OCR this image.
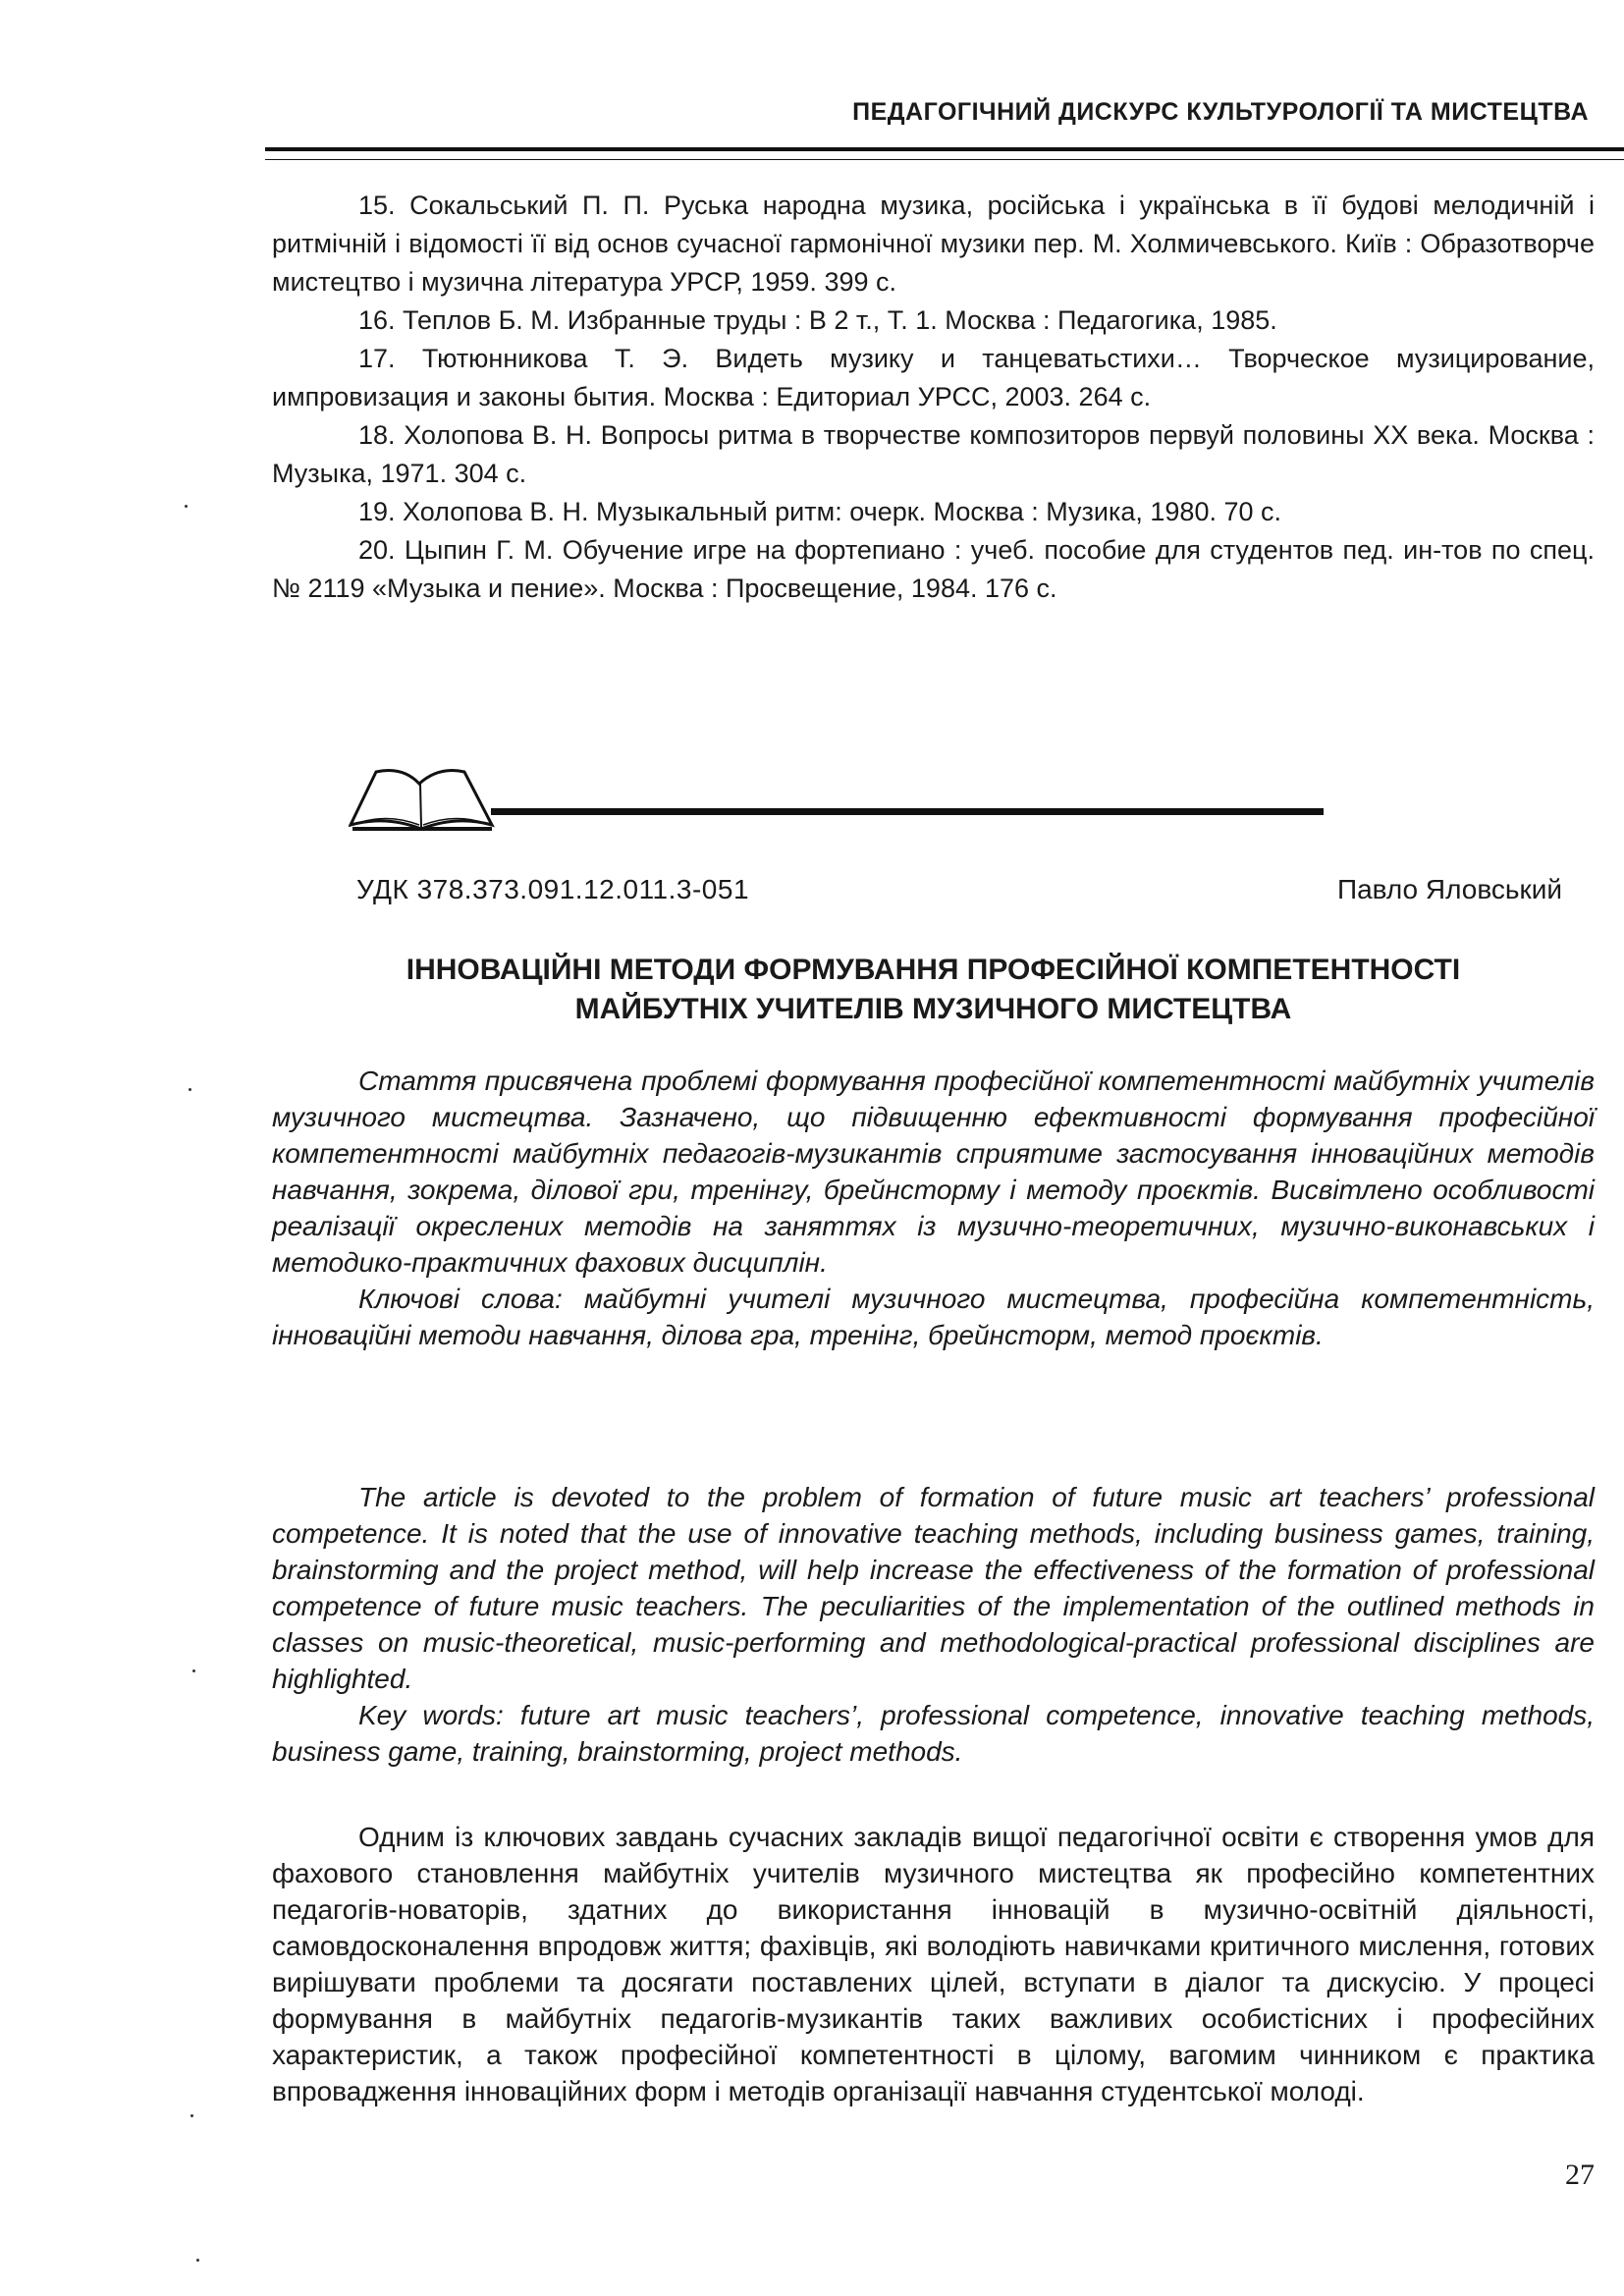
ПЕДАГОГІЧНИЙ ДИСКУРС КУЛЬТУРОЛОГІЇ ТА МИСТЕЦТВА

15. Сокальський П. П. Руська народна музика, російська і українська в її будові мелодичній і ритмічній і відомості її від основ сучасної гармонічної музики пер. М. Холмичевського. Київ : Образотворче мистецтво і музична література УРСР, 1959. 399 с.

16. Теплов Б. М. Избранные труды : В 2 т., Т. 1. Москва : Педагогика, 1985.

17. Тютюнникова Т. Э. Видеть музику и танцеватьстихи… Творческое музицирование, импровизация и законы бытия. Москва : Едиториал УРСС, 2003. 264 с.

18. Холопова В. Н. Вопросы ритма в творчестве композиторов первуй половины ХХ века. Москва : Музыка, 1971. 304 с.

19. Холопова В. Н. Музыкальный ритм: очерк. Москва : Музика, 1980. 70 с.

20. Цыпин Г. М. Обучение игре на фортепиано : учеб. пособие для студентов пед. ин-тов по спец. № 2119 «Музыка и пение». Москва : Просвещение, 1984. 176 с.

УДК 378.373.091.12.011.3-051	Павло Яловський
ІННОВАЦІЙНІ МЕТОДИ ФОРМУВАННЯ ПРОФЕСІЙНОЇ КОМПЕТЕНТНОСТІ
МАЙБУТНІХ УЧИТЕЛІВ МУЗИЧНОГО МИСТЕЦТВА

Стаття присвячена проблемі формування професійної компетентності майбутніх учителів музичного мистецтва. Зазначено, що підвищенню ефективності формування професійної компетентності майбутніх педагогів-музикантів сприятиме застосування інноваційних методів навчання, зокрема, ділової гри, тренінгу, брейнстормy і методу проєктів. Висвітлено особливості реалізації окреслених методів на заняттях із музично-теоретичних, музично-виконавських і методико-практичних фахових дисциплін.

Ключові слова: майбутні учителі музичного мистецтва, професійна компетентність, інноваційні методи навчання, ділова гра, тренінг, брейнсторм, метод проєктів.

The article is devoted to the problem of formation of future music art teachers’ professional competence. It is noted that the use of innovative teaching methods, including business games, training, brainstorming and the project method, will help increase the effectiveness of the formation of professional competence of future music teachers. The peculiarities of the implementation of the outlined methods in classes on music-theoretical, music-performing and methodological-practical professional disciplines are highlighted.

Key words: future art music teachers’, professional competence, innovative teaching methods, business game, training, brainstorming, project methods.

Одним із ключових завдань сучасних закладів вищої педагогічної освіти є створення умов для фахового становлення майбутніх учителів музичного мистецтва як професійно компетентних педагогів-новаторів, здатних до використання інновацій в музично-освітній діяльності, самовдосконалення впродовж життя; фахівців, які володіють навичками критичного мислення, готових вирішувати проблеми та досягати поставлених цілей, вступати в діалог та дискусію. У процесі формування в майбутніх педагогів-музикантів таких важливих особистісних і професійних характеристик, а також професійної компетентності в цілому, вагомим чинником є практика впровадження інноваційних форм і методів організації навчання студентської молоді.

27
